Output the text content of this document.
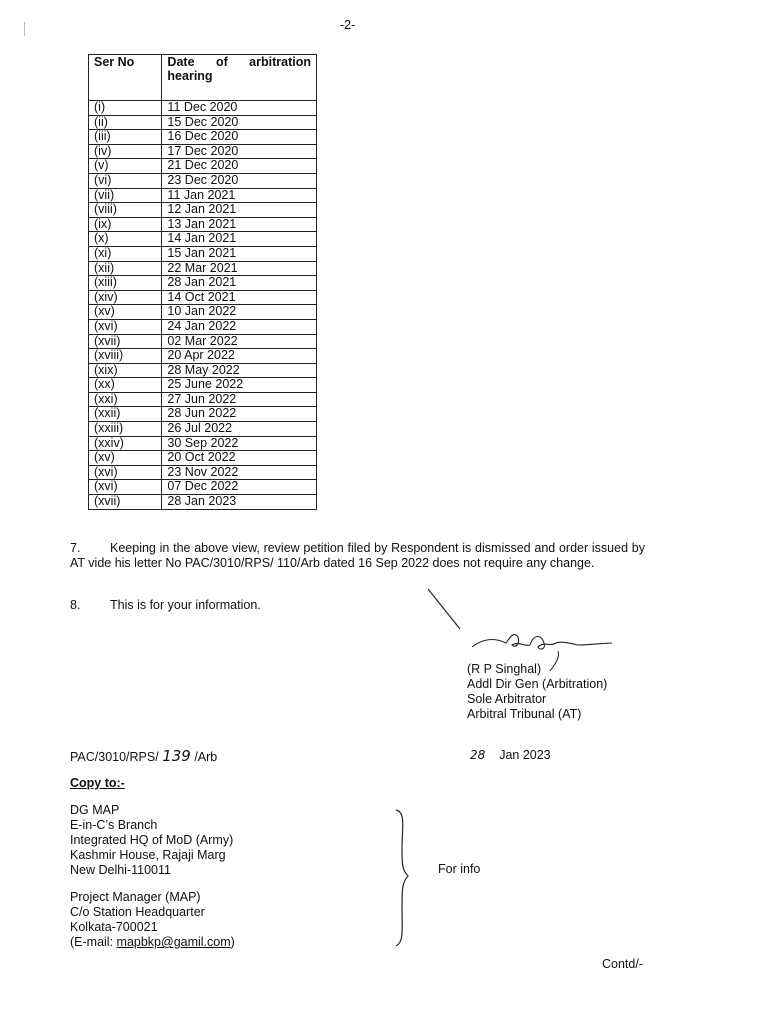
-2-
Ser No	Date of arbitration
hearing
(i)	11 Dec 2020
(ii)	15 Dec 2020
(iii)	16 Dec 2020
(iv)	17 Dec 2020
(v)	21 Dec 2020
(vi)	23 Dec 2020
(vii)	11 Jan 2021
(viii)	12 Jan 2021
(ix)	13 Jan 2021
(x)	14 Jan 2021
(xi)	15 Jan 2021
(xii)	22 Mar 2021
(xiii)	28 Jan 2021
(xiv)	14 Oct 2021
(xv)	10 Jan 2022
(xvi)	24 Jan 2022
(xvii)	02 Mar 2022
(xviii)	20 Apr 2022
(xix)	28 May 2022
(xx)	25 June 2022
(xxi)	27 Jun 2022
(xxii)	28 Jun 2022
(xxiii)	26 Jul 2022
(xxiv)	30 Sep 2022
(xv)	20 Oct 2022
(xvi)	23 Nov 2022
(xvi)	07 Dec 2022
(xvii)	28 Jan 2023
7. Keeping in the above view, review petition filed by Respondent is dismissed and order issued by AT vide his letter No PAC/3010/RPS/ 110/Arb dated 16 Sep 2022 does not require any change.
8. This is for your information.
(R P Singhal)
Addl Dir Gen (Arbitration)
Sole Arbitrator
Arbitral Tribunal (AT)
PAC/3010/RPS/ 139 /Arb	28 Jan 2023
Copy to:-
DG MAP
E-in-C’s Branch
Integrated HQ of MoD (Army)
Kashmir House, Rajaji Marg
New Delhi-110011
Project Manager (MAP)
C/o Station Headquarter
Kolkata-700021
(E-mail: mapbkp@gamil.com)
For info
Contd/-
